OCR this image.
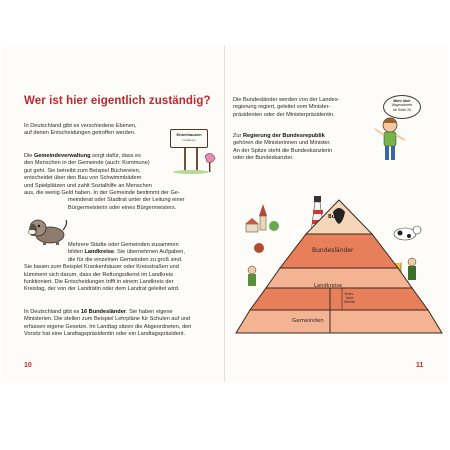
Wer ist hier eigentlich zuständig?
In Deutschland gibt es verschiedene Ebenen,
auf denen Entscheidungen getroffen werden.
Die Gemeindeverwaltung sorgt dafür, dass es
den Menschen in der Gemeinde (auch: Kommune)
gut geht. Sie betreibt zum Beispiel Büchereien,
entscheidet über den Bau von Schwimmbädern
und Spielplätzen und zahlt Sozialhilfe an Menschen
aus, die wenig Geld haben. In der Gemeinde bestimmt der Ge-
meinderat oder Stadtrat unter der Leitung einer
Bürgermeisterin oder eines Bürgermeisters.
Mehrere Städte oder Gemeinden zusammen
bilden Landkreise. Sie übernehmen Aufgaben,
die für die einzelnen Gemeinden zu groß sind.
Sie bauen zum Beispiel Krankenhäuser oder Kreisstraßen und
kümmern sich darum, dass der Rettungsdienst im Landkreis
funktioniert. Die Entscheidungen trifft in einem Landkreis der
Kreistag, der von der Landrätin oder dem Landrat geleitet wird.
In Deutschland gibt es 16 Bundesländer. Sie haben eigene
Ministerien. Die stellen zum Beispiel Lehrpläne für Schulen auf und
erfassen eigene Gesetze. Im Landtag sitzen die Abgeordneten, den
Vorsitz hat eine Landtagspräsidentin oder ein Landtagspräsident.
10
Entenhausen
Landkreis
Die Bundesländer werden von der Landes-
regierung regiert, geleitet vom Minister-
präsidenten oder der Ministerpräsidentin.
Zur Regierung der Bundesrepublik
gehören die Ministerinnen und Minister.
An der Spitze steht die Bundeskanzlerin
oder der Bundeskanzler.
Mehr über
Abgeordnete
ab Seite 20
Bund
Bundesländer
Landkreise
Kreis-
freie
Städte
Gemeinden
11
